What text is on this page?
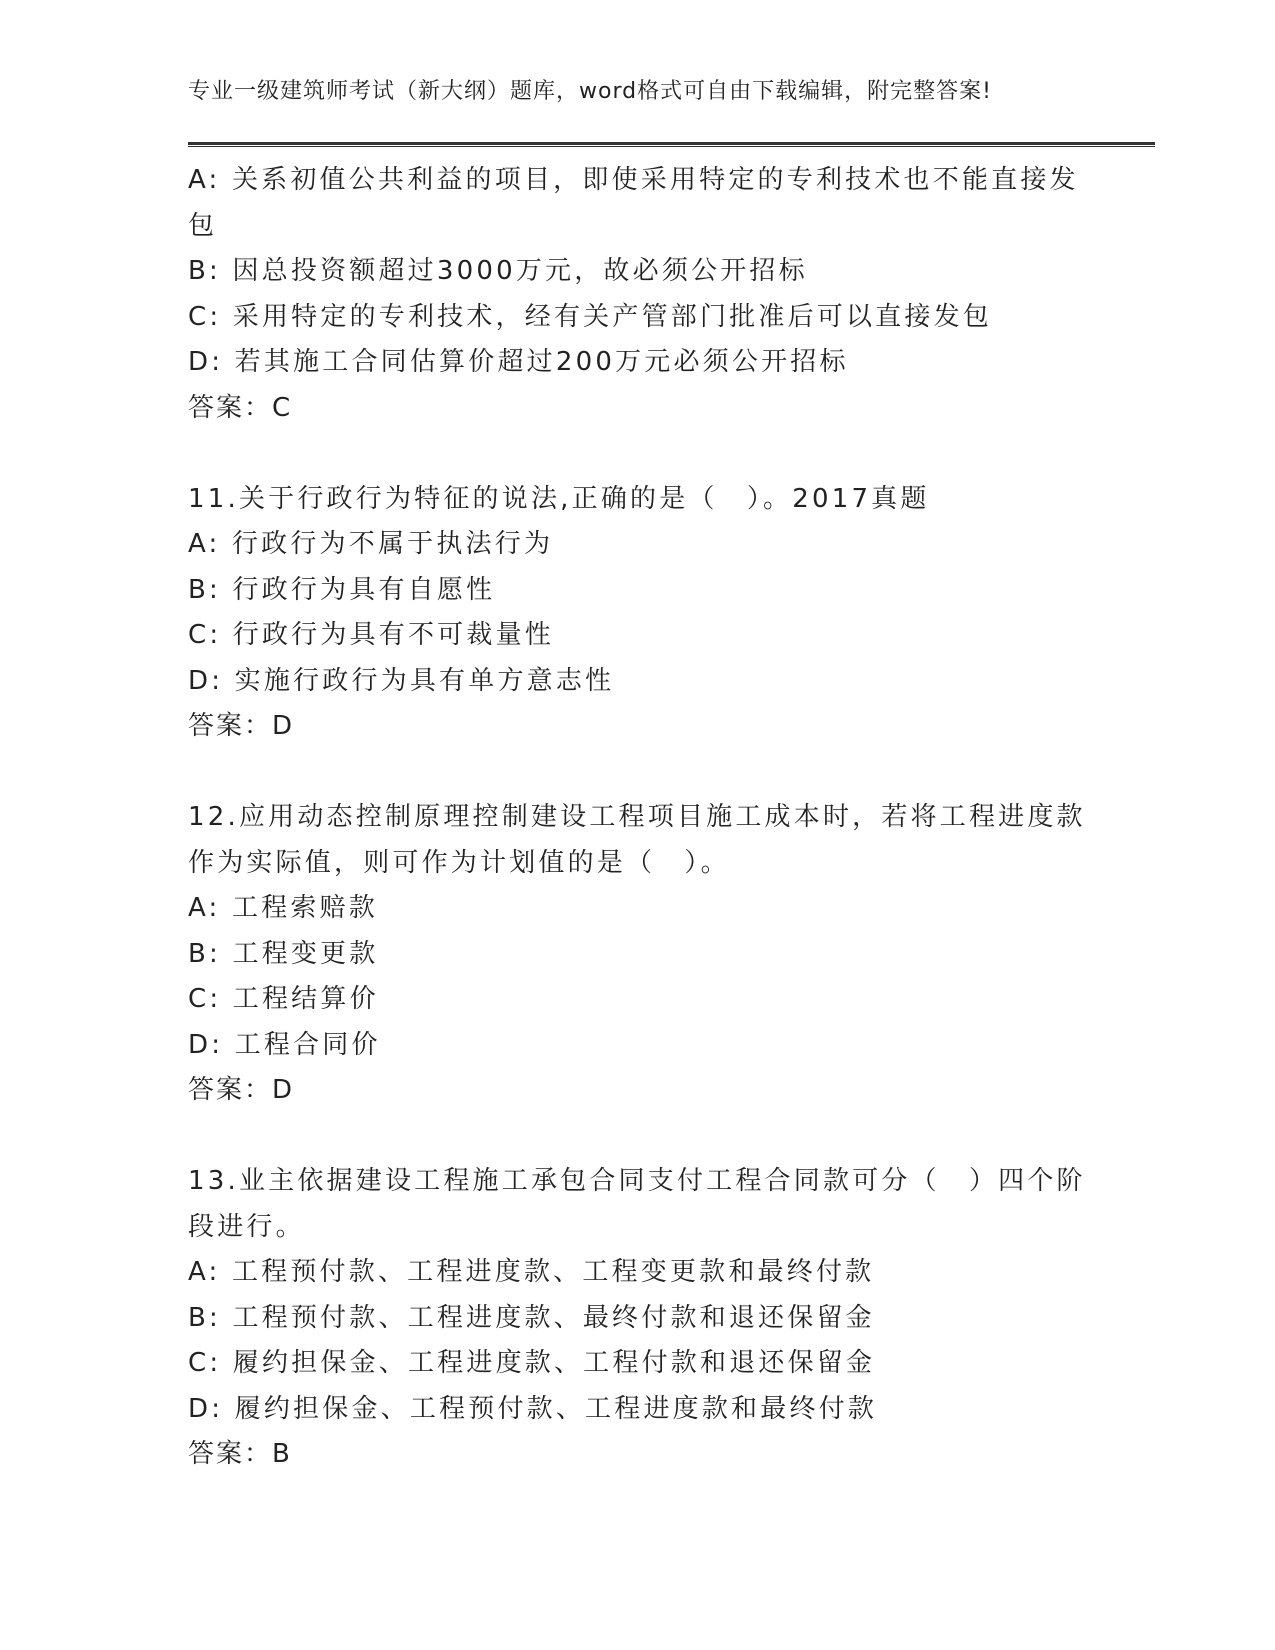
专业一级建筑师考试（新大纲）题库，word格式可自由下载编辑，附完整答案!
A: 关系初值公共利益的项目，即使采用特定的专利技术也不能直接发
包
B: 因总投资额超过3000万元，故必须公开招标
C: 采用特定的专利技术，经有关产管部门批准后可以直接发包
D: 若其施工合同估算价超过200万元必须公开招标
答案：C
11.关于行政行为特征的说法,正确的是（　）。2017真题
A: 行政行为不属于执法行为
B: 行政行为具有自愿性
C: 行政行为具有不可裁量性
D: 实施行政行为具有单方意志性
答案：D
12.应用动态控制原理控制建设工程项目施工成本时，若将工程进度款
作为实际值，则可作为计划值的是（　）。
A: 工程索赔款
B: 工程变更款
C: 工程结算价
D: 工程合同价
答案：D
13.业主依据建设工程施工承包合同支付工程合同款可分（　）四个阶
段进行。
A: 工程预付款、工程进度款、工程变更款和最终付款
B: 工程预付款、工程进度款、最终付款和退还保留金
C: 履约担保金、工程进度款、工程付款和退还保留金
D: 履约担保金、工程预付款、工程进度款和最终付款
答案：B
